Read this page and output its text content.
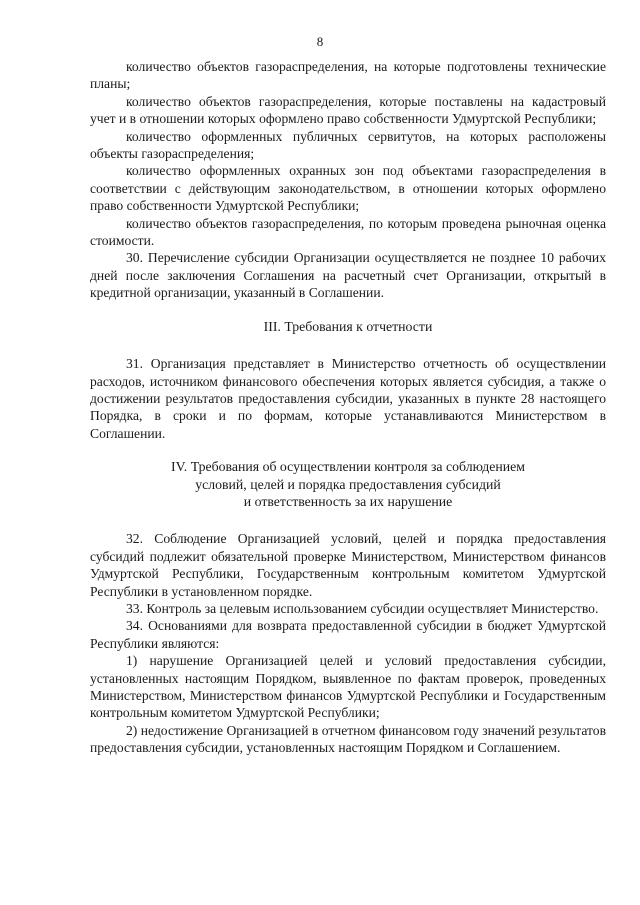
8

количество объектов газораспределения, на которые подготовлены технические планы;

количество объектов газораспределения, которые поставлены на кадастровый учет и в отношении которых оформлено право собственности Удмуртской Республики;

количество оформленных публичных сервитутов, на которых расположены объекты газораспределения;

количество оформленных охранных зон под объектами газораспределения в соответствии с действующим законодательством, в отношении которых оформлено право собственности Удмуртской Республики;

количество объектов газораспределения, по которым проведена рыночная оценка стоимости.

30. Перечисление субсидии Организации осуществляется не позднее 10 рабочих дней после заключения Соглашения на расчетный счет Организации, открытый в кредитной организации, указанный в Соглашении.

III. Требования к отчетности

31. Организация представляет в Министерство отчетность об осуществлении расходов, источником финансового обеспечения которых является субсидия, а также о достижении результатов предоставления субсидии, указанных в пункте 28 настоящего Порядка, в сроки и по формам, которые устанавливаются Министерством в Соглашении.

IV. Требования об осуществлении контроля за соблюдением

условий, целей и порядка предоставления субсидий

и ответственность за их нарушение

32. Соблюдение Организацией условий, целей и порядка предоставления субсидий подлежит обязательной проверке Министерством, Министерством финансов Удмуртской Республики, Государственным контрольным комитетом Удмуртской Республики в установленном порядке.

33. Контроль за целевым использованием субсидии осуществляет Министерство.

34. Основаниями для возврата предоставленной субсидии в бюджет Удмуртской Республики являются:

1) нарушение Организацией целей и условий предоставления субсидии, установленных настоящим Порядком, выявленное по фактам проверок, проведенных Министерством, Министерством финансов Удмуртской Республики и Государственным контрольным комитетом Удмуртской Республики;

2) недостижение Организацией в отчетном финансовом году значений результатов предоставления субсидии, установленных настоящим Порядком и Соглашением.
